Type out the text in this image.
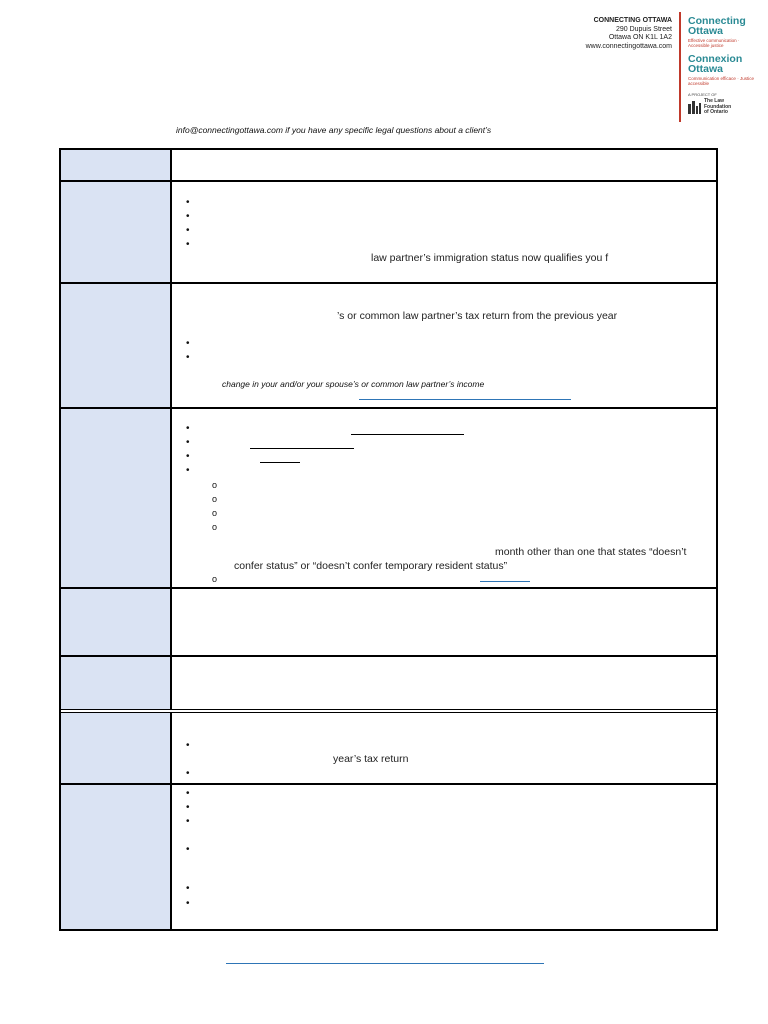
CONNECTING OTTAWA
290 Dupuis Street
Ottawa ON K1L 1A2
www.connectingottawa.com
Connecting
Ottawa
Effective communication · Accessible justice
Connexion
Ottawa
Communication efficace · Justice accessible
A PROJECT OF
The Law
Foundation
of Ontario
info@connectingottawa.com if you have any specific legal questions about a client’s
•
•
•
•
law partner’s immigration status now qualifies you f
’s or common law partner’s tax return from the previous year
•
•
change in your and/or your spouse’s or common law partner’s income
•
•
•
•
o
o
o
o
month other than one that states “doesn’t
confer status” or “doesn’t confer temporary resident status”
o
•
year’s tax return
•
•
•
•
•
•
•
